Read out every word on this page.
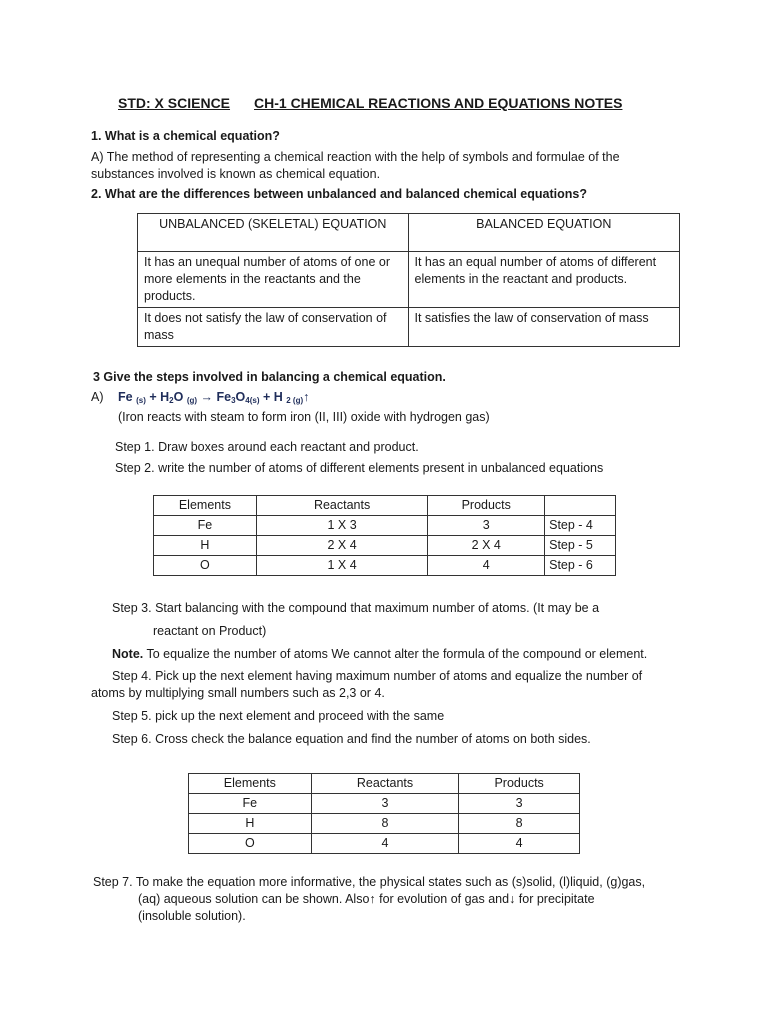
STD: X SCIENCE CH-1 CHEMICAL REACTIONS AND EQUATIONS NOTES
1. What is a chemical equation?
A) The method of representing a chemical reaction with the help of symbols and formulae of the
substances involved is known as chemical equation.
2. What are the differences between unbalanced and balanced chemical equations?
UNBALANCED (SKELETAL) EQUATION	BALANCED EQUATION
It has an unequal number of atoms of one or more elements in the reactants and the products.	It has an equal number of atoms of different elements in the reactant and products.
It does not satisfy the law of conservation of mass	It satisfies the law of conservation of mass
3 Give the steps involved in balancing a chemical equation.
A) Fe $_{(s)} + H_2O$ $_{(g)} \to Fe_3O_{4(s)} + H$ $_{2 (g)}$↑
(Iron reacts with steam to form iron (II, III) oxide with hydrogen gas)
Step 1. Draw boxes around each reactant and product.
Step 2. write the number of atoms of different elements present in unbalanced equations
Elements	Reactants	Products	
Fe	1 X 3	3	Step - 4
H	2 X 4	2 X 4	Step - 5
O	1 X 4	4	Step - 6
Step 3. Start balancing with the compound that maximum number of atoms. (It may be a
reactant on Product)
Note. To equalize the number of atoms We cannot alter the formula of the compound or element.
Step 4. Pick up the next element having maximum number of atoms and equalize the number of
atoms by multiplying small numbers such as 2,3 or 4.
Step 5. pick up the next element and proceed with the same
Step 6. Cross check the balance equation and find the number of atoms on both sides.
Elements	Reactants	Products
Fe	3	3
H	8	8
O	4	4
Step 7. To make the equation more informative, the physical states such as (s)solid, (l)liquid, (g)gas,
(aq) aqueous solution can be shown. Also↑ for evolution of gas and↓ for precipitate
(insoluble solution).
